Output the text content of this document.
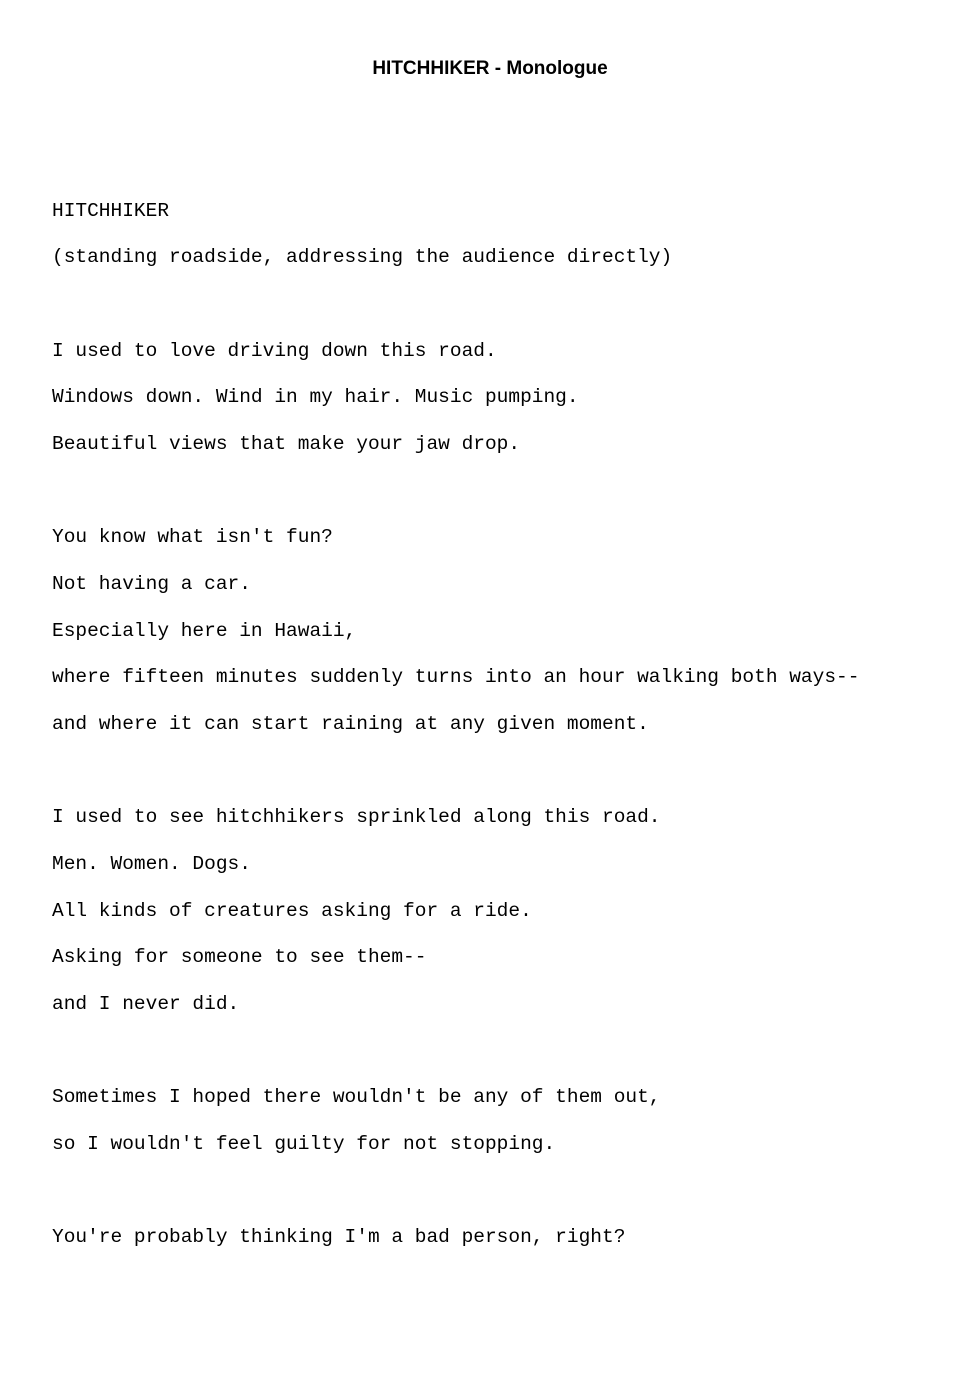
HITCHHIKER - Monologue
HITCHHIKER
(standing roadside, addressing the audience directly)
I used to love driving down this road.
Windows down. Wind in my hair. Music pumping.
Beautiful views that make your jaw drop.
You know what isn't fun?
Not having a car.
Especially here in Hawaii,
where fifteen minutes suddenly turns into an hour walking both ways--
and where it can start raining at any given moment.
I used to see hitchhikers sprinkled along this road.
Men. Women. Dogs.
All kinds of creatures asking for a ride.
Asking for someone to see them--
and I never did.
Sometimes I hoped there wouldn't be any of them out,
so I wouldn't feel guilty for not stopping.
You're probably thinking I'm a bad person, right?
